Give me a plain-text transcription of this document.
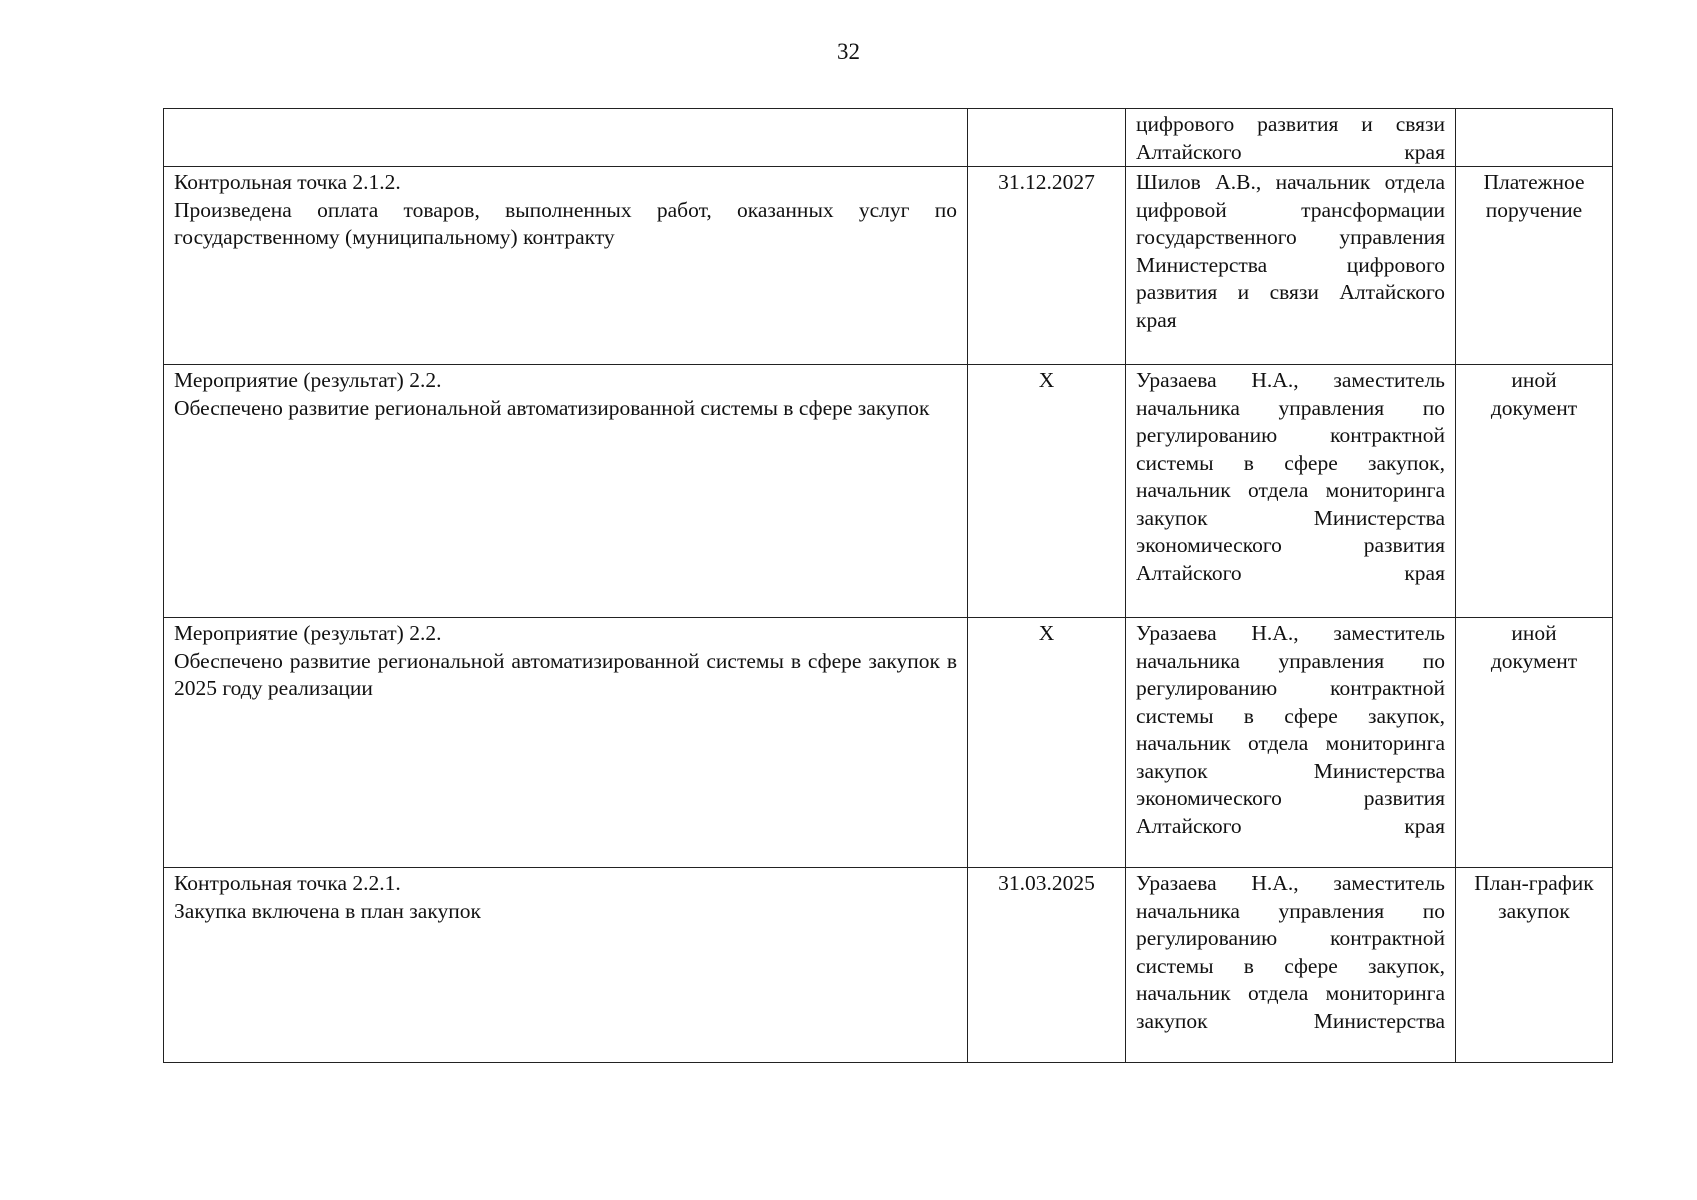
32
		цифрового развития и связи Алтайского края	

Контрольная точка 2.1.2.
Произведена оплата товаров, выполненных работ, оказанных услуг по государственному (муниципальному) контракту	31.12.2027	Шилов А.В., начальник отдела цифровой трансформации государственного управления Министерства цифрового развития и связи Алтайского края	Платежное поручение

Мероприятие (результат) 2.2.
Обеспечено развитие региональной автоматизированной системы в сфере закупок	X	Уразаева Н.А., заместитель начальника управления по регулированию контрактной системы в сфере закупок, начальник отдела мониторинга закупок Министерства экономического развития Алтайского края	иной документ

Мероприятие (результат) 2.2.
Обеспечено развитие региональной автоматизированной системы в сфере закупок в 2025 году реализации	X	Уразаева Н.А., заместитель начальника управления по регулированию контрактной системы в сфере закупок, начальник отдела мониторинга закупок Министерства экономического развития Алтайского края	иной документ

Контрольная точка 2.2.1.
Закупка включена в план закупок	31.03.2025	Уразаева Н.А., заместитель начальника управления по регулированию контрактной системы в сфере закупок, начальник отдела мониторинга закупок Министерства	План-график закупок
